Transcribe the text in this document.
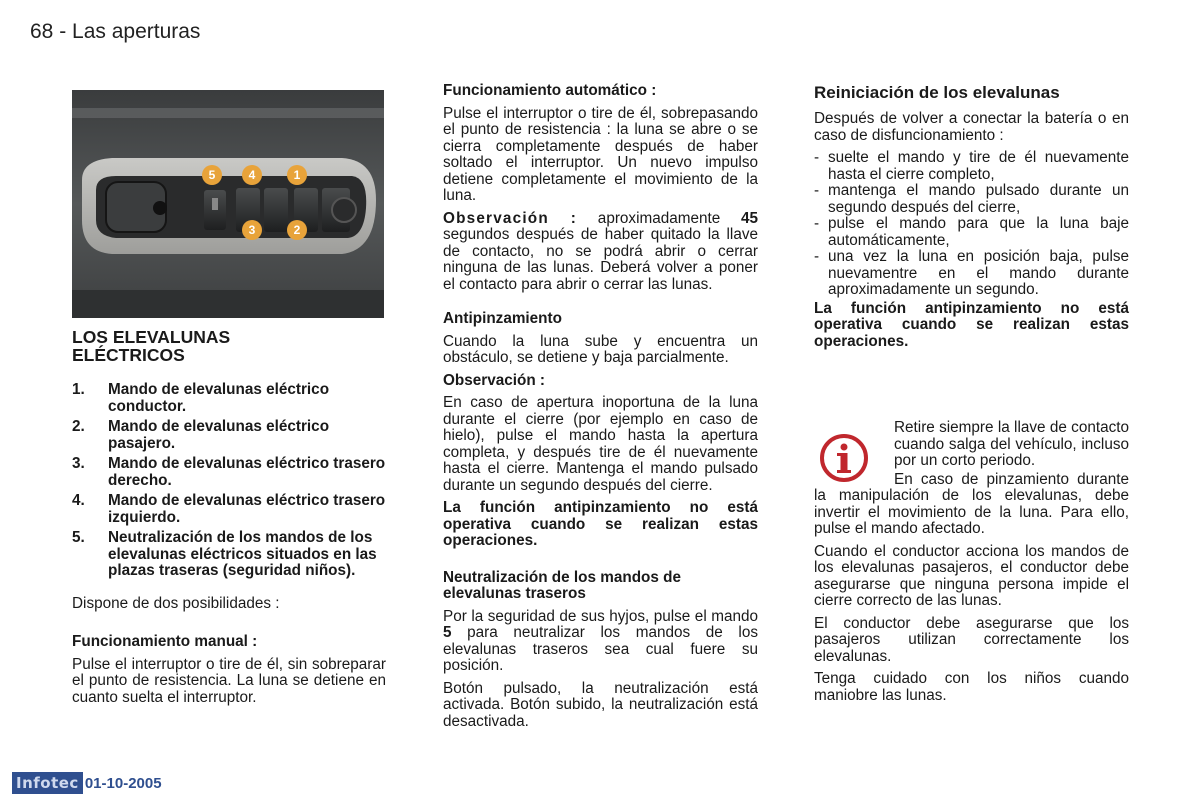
68 - Las aperturas
5	4	1
3	2
LOS ELEVALUNAS ELÉCTRICOS
1. Mando de elevalunas eléctrico conductor.
2. Mando de elevalunas eléctrico pasajero.
3. Mando de elevalunas eléctrico trasero derecho.
4. Mando de elevalunas eléctrico trasero izquierdo.
5. Neutralización de los mandos de los elevalunas eléctricos situados en las plazas traseras (seguridad niños).

Dispone de dos posibilidades :

Funcionamiento manual :

Pulse el interruptor o tire de él, sin sobreparar el punto de resistencia. La luna se detiene en cuanto suelta el interruptor.

Funcionamiento automático :

Pulse el interruptor o tire de él, sobrepasando el punto de resistencia : la luna se abre o se cierra completamente después de haber soltado el interruptor. Un nuevo impulso detiene completamente el movimiento de la luna.

Observación : aproximadamente 45 segundos después de haber quitado la llave de contacto, no se podrá abrir o cerrar ninguna de las lunas. Deberá volver a poner el contacto para abrir o cerrar las lunas.

Antipinzamiento

Cuando la luna sube y encuentra un obstáculo, se detiene y baja parcialmente.

Observación :

En caso de apertura inoportuna de la luna durante el cierre (por ejemplo en caso de hielo), pulse el mando hasta la apertura completa, y después tire de él nuevamente hasta el cierre. Mantenga el mando pulsado durante un segundo después del cierre.

La función antipinzamiento no está operativa cuando se realizan estas operaciones.

Neutralización de los mandos de elevalunas traseros

Por la seguridad de sus hyjos, pulse el mando 5 para neutralizar los mandos de los elevalunas traseros sea cual fuere su posición.

Botón pulsado, la neutralización está activada. Botón subido, la neutralización está desactivada.

Reiniciación de los elevalunas

Después de volver a conectar la batería o en caso de disfuncionamiento :

- suelte el mando y tire de él nuevamente hasta el cierre completo,
- mantenga el mando pulsado durante un segundo después del cierre,
- pulse el mando para que la luna baje automáticamente,
- una vez la luna en posición baja, pulse nuevamentre en el mando durante aproximadamente un segundo.

La función antipinzamiento no está operativa cuando se realizan estas operaciones.

Retire siempre la llave de contacto cuando salga del vehículo, incluso por un corto periodo.

En caso de pinzamiento durante la manipulación de los elevalunas, debe invertir el movimiento de la luna. Para ello, pulse el mando afectado.

Cuando el conductor acciona los mandos de los elevalunas pasajeros, el conductor debe asegurarse que ninguna persona impide el cierre correcto de las lunas.

El conductor debe asegurarse que los pasajeros utilizan correctamente los elevalunas.

Tenga cuidado con los niños cuando maniobre las lunas.

Infotec 01-10-2005
